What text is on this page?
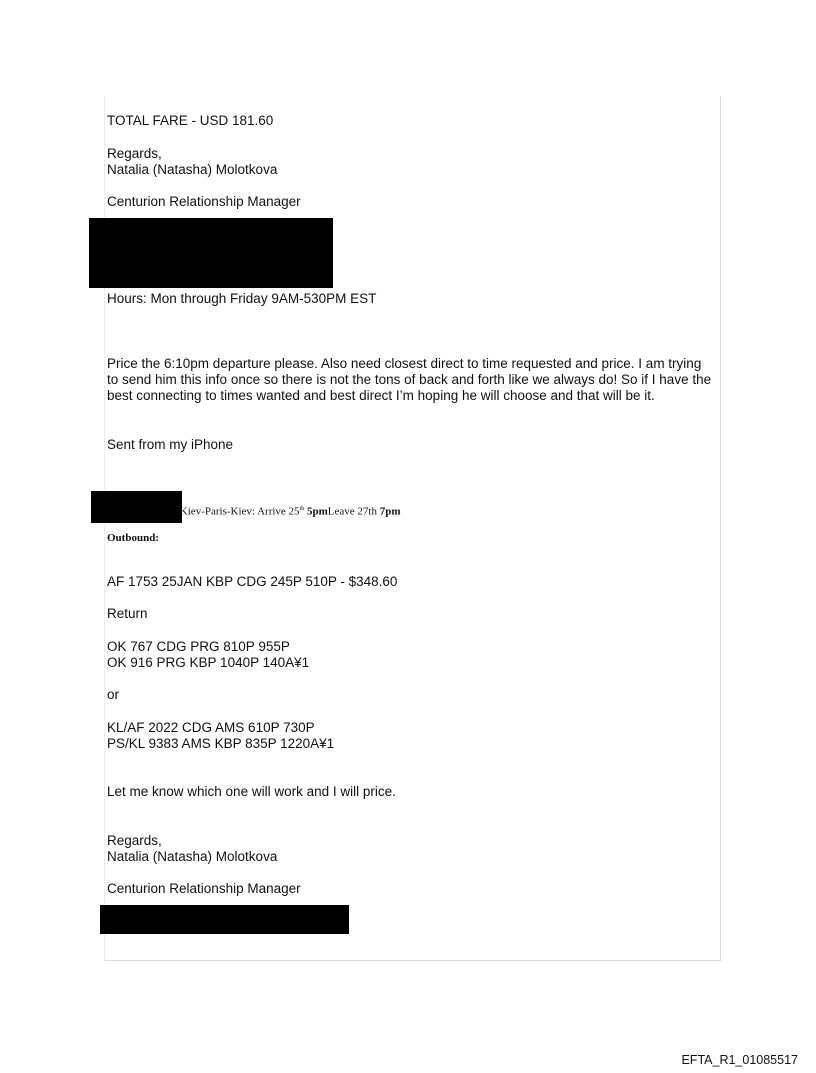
TOTAL FARE - USD 181.60
Regards,
Natalia (Natasha) Molotkova
Centurion Relationship Manager
Hours: Mon through Friday 9AM-530PM EST
Price the 6:10pm departure please. Also need closest direct to time requested and price. I am trying to send him this info once so there is not the tons of back and forth like we always do! So if I have the best connecting to times wanted and best direct I’m hoping he will choose and that will be it.
Sent from my iPhone
: Kiev-Paris-Kiev: Arrive 25th 5pmLeave 27th 7pm
Outbound:
AF 1753 25JAN KBP CDG 245P 510P - $348.60
Return
OK 767 CDG PRG 810P 955P
OK 916 PRG KBP 1040P 140A¥1
or
KL/AF 2022 CDG AMS 610P 730P
PS/KL 9383 AMS KBP 835P 1220A¥1
Let me know which one will work and I will price.
Regards,
Natalia (Natasha) Molotkova
Centurion Relationship Manager
EFTA_R1_01085517
